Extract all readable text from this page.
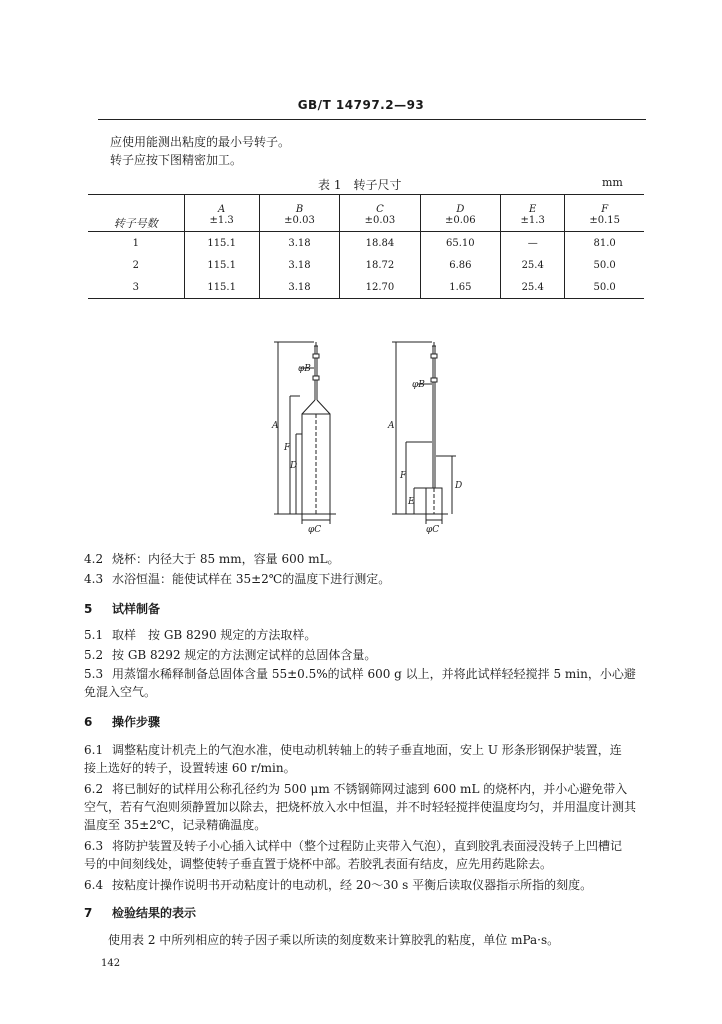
GB/T 14797.2—93
应使用能测出粘度的最小号转子。
转子应按下图精密加工。
表 1　转子尺寸	mm
转子号数	A	B	C	D	E	F
	±1.3	±0.03	±0.03	±0.06	±1.3	±0.15
1	115.1	3.18	18.84	65.10	—	81.0
2	115.1	3.18	18.72	6.86	25.4	50.0
3	115.1	3.18	12.70	1.65	25.4	50.0
φB
A
F
D
φC
φB
A
F
E
D
φC
4.2 烧杯：内径大于 85 mm，容量 600 mL。
4.3 水浴恒温：能使试样在 35±2℃的温度下进行测定。
5 试样制备
5.1 取样　按 GB 8290 规定的方法取样。
5.2 按 GB 8292 规定的方法测定试样的总固体含量。
5.3 用蒸馏水稀释制备总固体含量 55±0.5%的试样 600 g 以上，并将此试样轻轻搅拌 5 min，小心避
免混入空气。
6 操作步骤
6.1 调整粘度计机壳上的气泡水准，使电动机转轴上的转子垂直地面，安上 U 形条形钢保护装置，连
接上选好的转子，设置转速 60 r/min。
6.2 将已制好的试样用公称孔径约为 500 μm 不锈钢筛网过滤到 600 mL 的烧杯内，并小心避免带入
空气，若有气泡则须静置加以除去，把烧杯放入水中恒温，并不时轻轻搅拌使温度均匀，并用温度计测其
温度至 35±2℃，记录精确温度。
6.3 将防护装置及转子小心插入试样中（整个过程防止夹带入气泡），直到胶乳表面浸没转子上凹槽记
号的中间刻线处，调整使转子垂直置于烧杯中部。若胶乳表面有结皮，应先用药匙除去。
6.4 按粘度计操作说明书开动粘度计的电动机，经 20～30 s 平衡后读取仪器指示所指的刻度。
7 检验结果的表示
使用表 2 中所列相应的转子因子乘以所读的刻度数来计算胶乳的粘度，单位 mPa·s。
142
